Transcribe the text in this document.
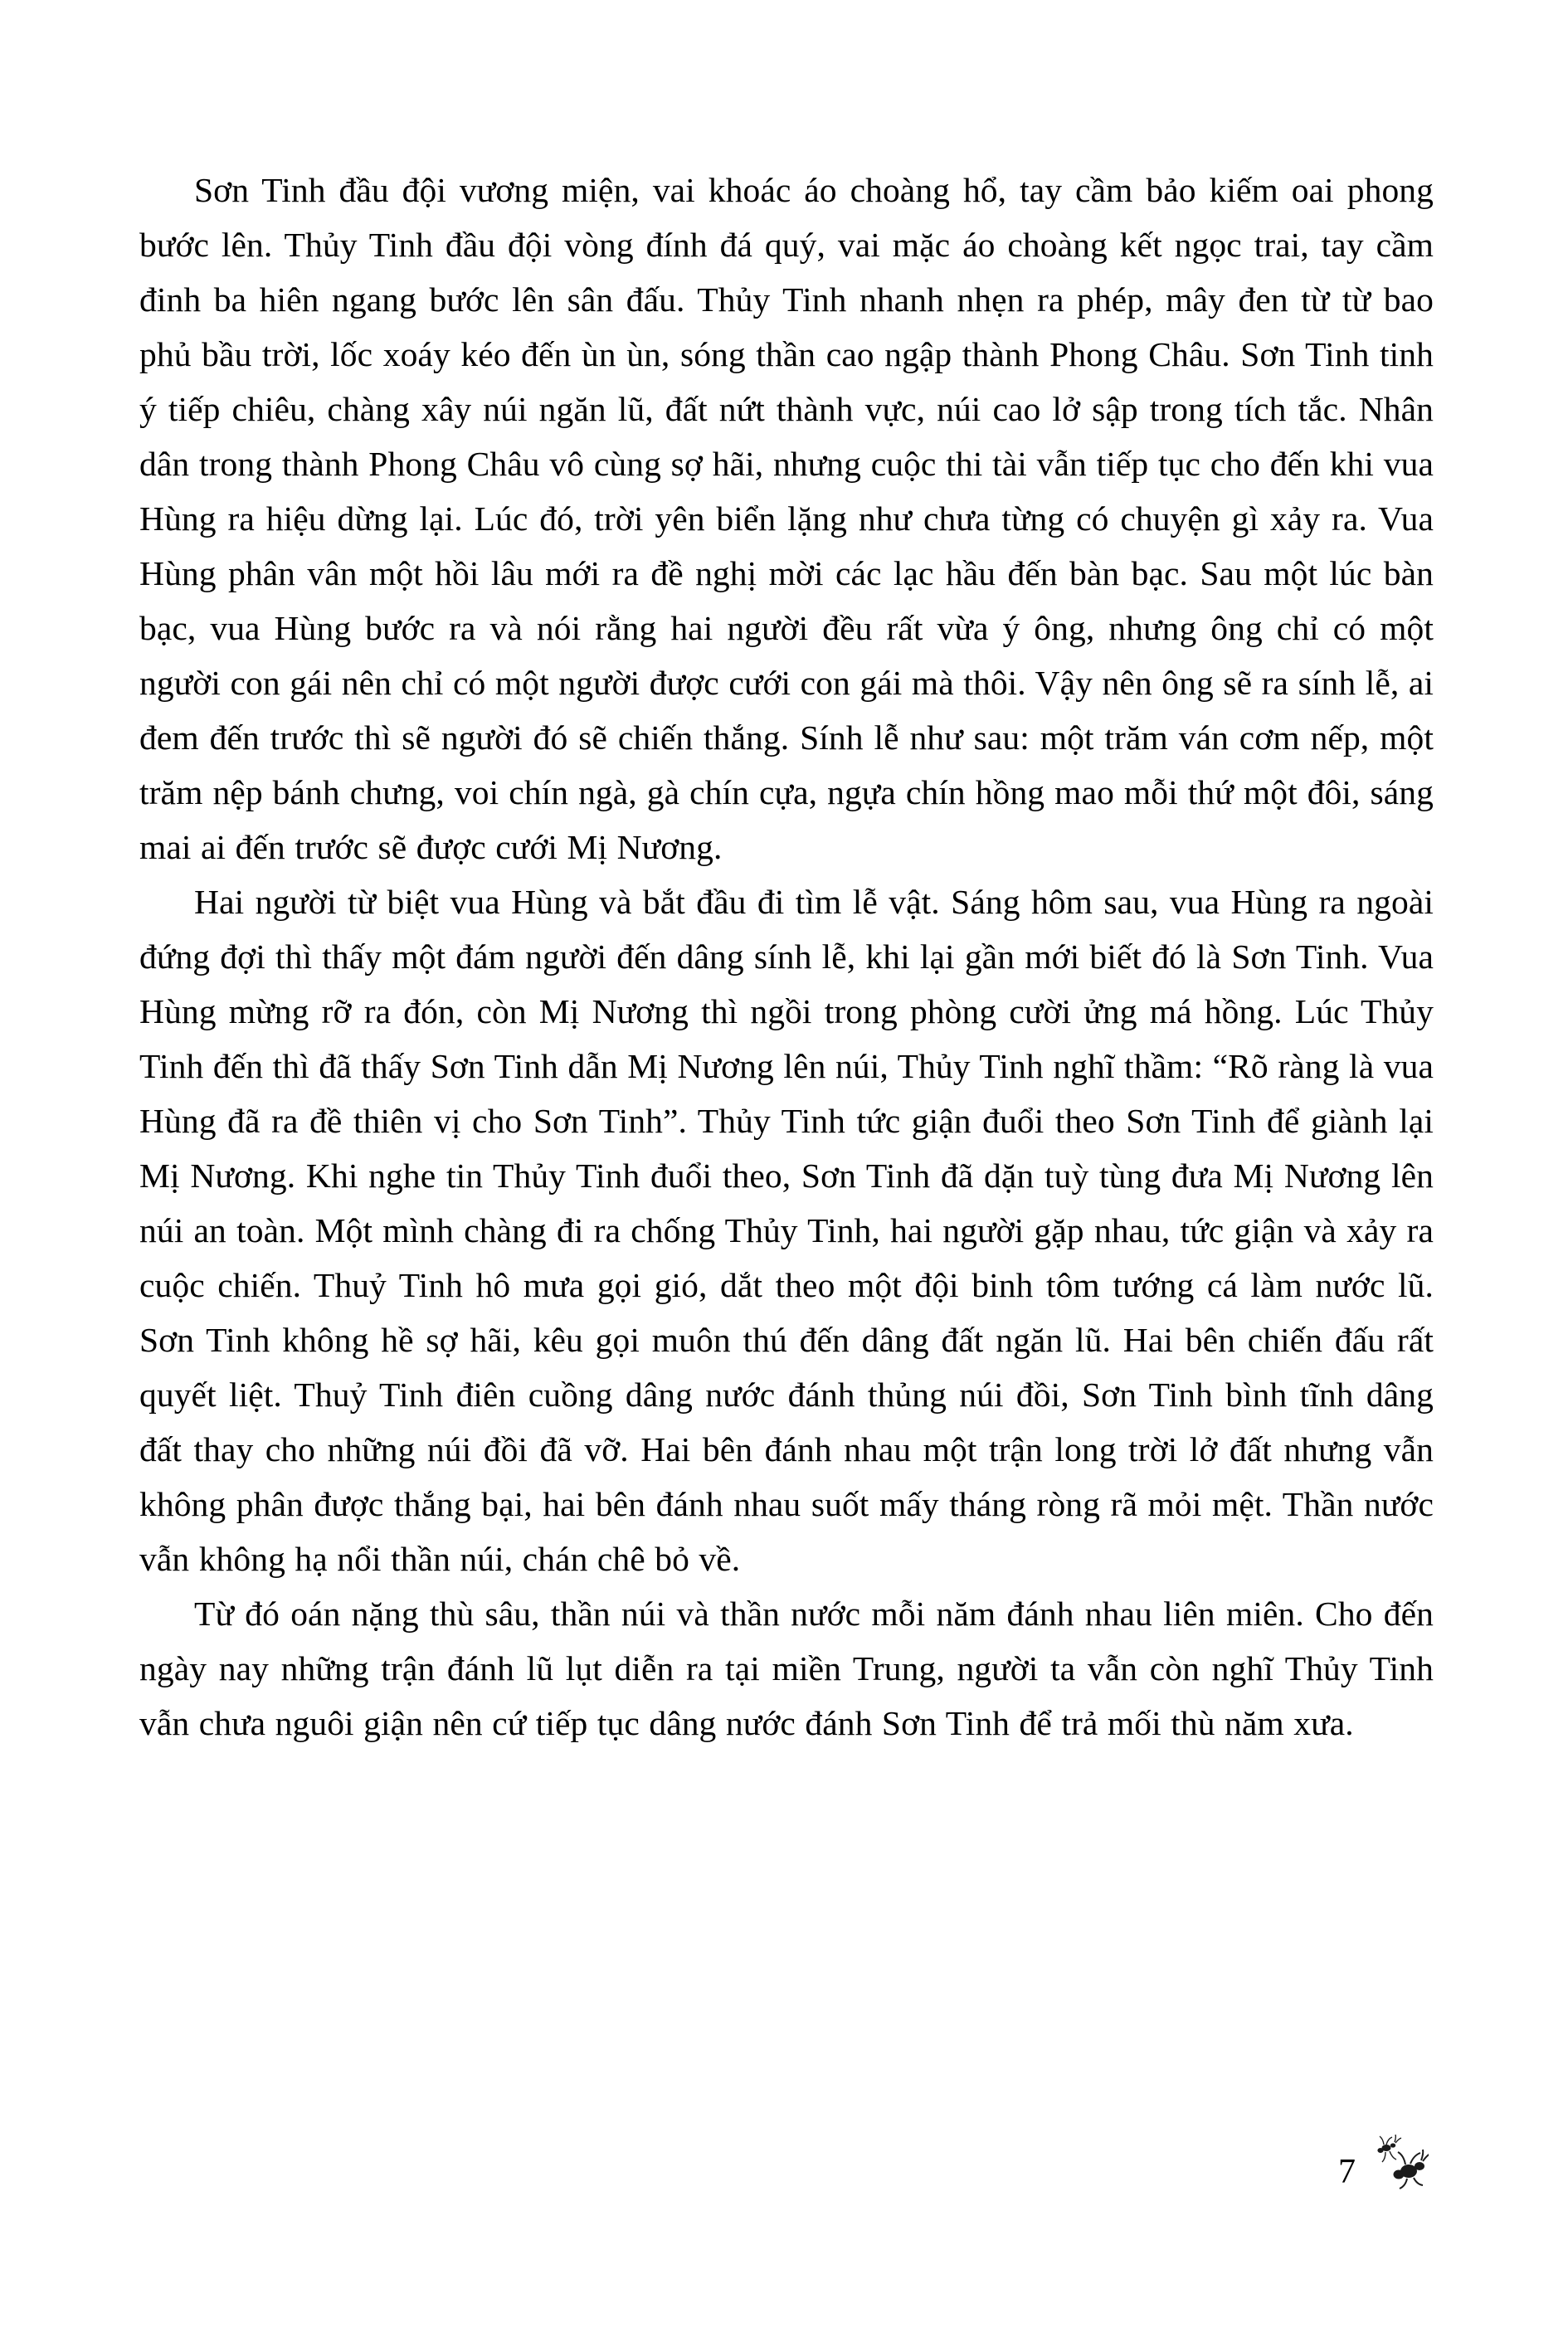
Sơn Tinh đầu đội vương miện, vai khoác áo choàng hổ, tay cầm bảo kiếm oai phong bước lên. Thủy Tinh đầu đội vòng đính đá quý, vai mặc áo choàng kết ngọc trai, tay cầm đinh ba hiên ngang bước lên sân đấu. Thủy Tinh nhanh nhẹn ra phép, mây đen từ từ bao phủ bầu trời, lốc xoáy kéo đến ùn ùn, sóng thần cao ngập thành Phong Châu. Sơn Tinh tinh ý tiếp chiêu, chàng xây núi ngăn lũ, đất nứt thành vực, núi cao lở sập trong tích tắc. Nhân dân trong thành Phong Châu vô cùng sợ hãi, nhưng cuộc thi tài vẫn tiếp tục cho đến khi vua Hùng ra hiệu dừng lại. Lúc đó, trời yên biển lặng như chưa từng có chuyện gì xảy ra. Vua Hùng phân vân một hồi lâu mới ra đề nghị mời các lạc hầu đến bàn bạc. Sau một lúc bàn bạc, vua Hùng bước ra và nói rằng hai người đều rất vừa ý ông, nhưng ông chỉ có một người con gái nên chỉ có một người được cưới con gái mà thôi. Vậy nên ông sẽ ra sính lễ, ai đem đến trước thì sẽ người đó sẽ chiến thắng. Sính lễ như sau: một trăm ván cơm nếp, một trăm nệp bánh chưng, voi chín ngà, gà chín cựa, ngựa chín hồng mao mỗi thứ một đôi, sáng mai ai đến trước sẽ được cưới Mị Nương.

Hai người từ biệt vua Hùng và bắt đầu đi tìm lễ vật. Sáng hôm sau, vua Hùng ra ngoài đứng đợi thì thấy một đám người đến dâng sính lễ, khi lại gần mới biết đó là Sơn Tinh. Vua Hùng mừng rỡ ra đón, còn Mị Nương thì ngồi trong phòng cười ửng má hồng. Lúc Thủy Tinh đến thì đã thấy Sơn Tinh dẫn Mị Nương lên núi, Thủy Tinh nghĩ thầm: “Rõ ràng là vua Hùng đã ra đề thiên vị cho Sơn Tinh”. Thủy Tinh tức giận đuổi theo Sơn Tinh để giành lại Mị Nương. Khi nghe tin Thủy Tinh đuổi theo, Sơn Tinh đã dặn tuỳ tùng đưa Mị Nương lên núi an toàn. Một mình chàng đi ra chống Thủy Tinh, hai người gặp nhau, tức giận và xảy ra cuộc chiến. Thuỷ Tinh hô mưa gọi gió, dắt theo một đội binh tôm tướng cá làm nước lũ. Sơn Tinh không hề sợ hãi, kêu gọi muôn thú đến dâng đất ngăn lũ. Hai bên chiến đấu rất quyết liệt. Thuỷ Tinh điên cuồng dâng nước đánh thủng núi đồi, Sơn Tinh bình tĩnh dâng đất thay cho những núi đồi đã vỡ. Hai bên đánh nhau một trận long trời lở đất nhưng vẫn không phân được thắng bại, hai bên đánh nhau suốt mấy tháng ròng rã mỏi mệt. Thần nước vẫn không hạ nổi thần núi, chán chê bỏ về.

Từ đó oán nặng thù sâu, thần núi và thần nước mỗi năm đánh nhau liên miên. Cho đến ngày nay những trận đánh lũ lụt diễn ra tại miền Trung, người ta vẫn còn nghĩ Thủy Tinh vẫn chưa nguôi giận nên cứ tiếp tục dâng nước đánh Sơn Tinh để trả mối thù năm xưa.

7
